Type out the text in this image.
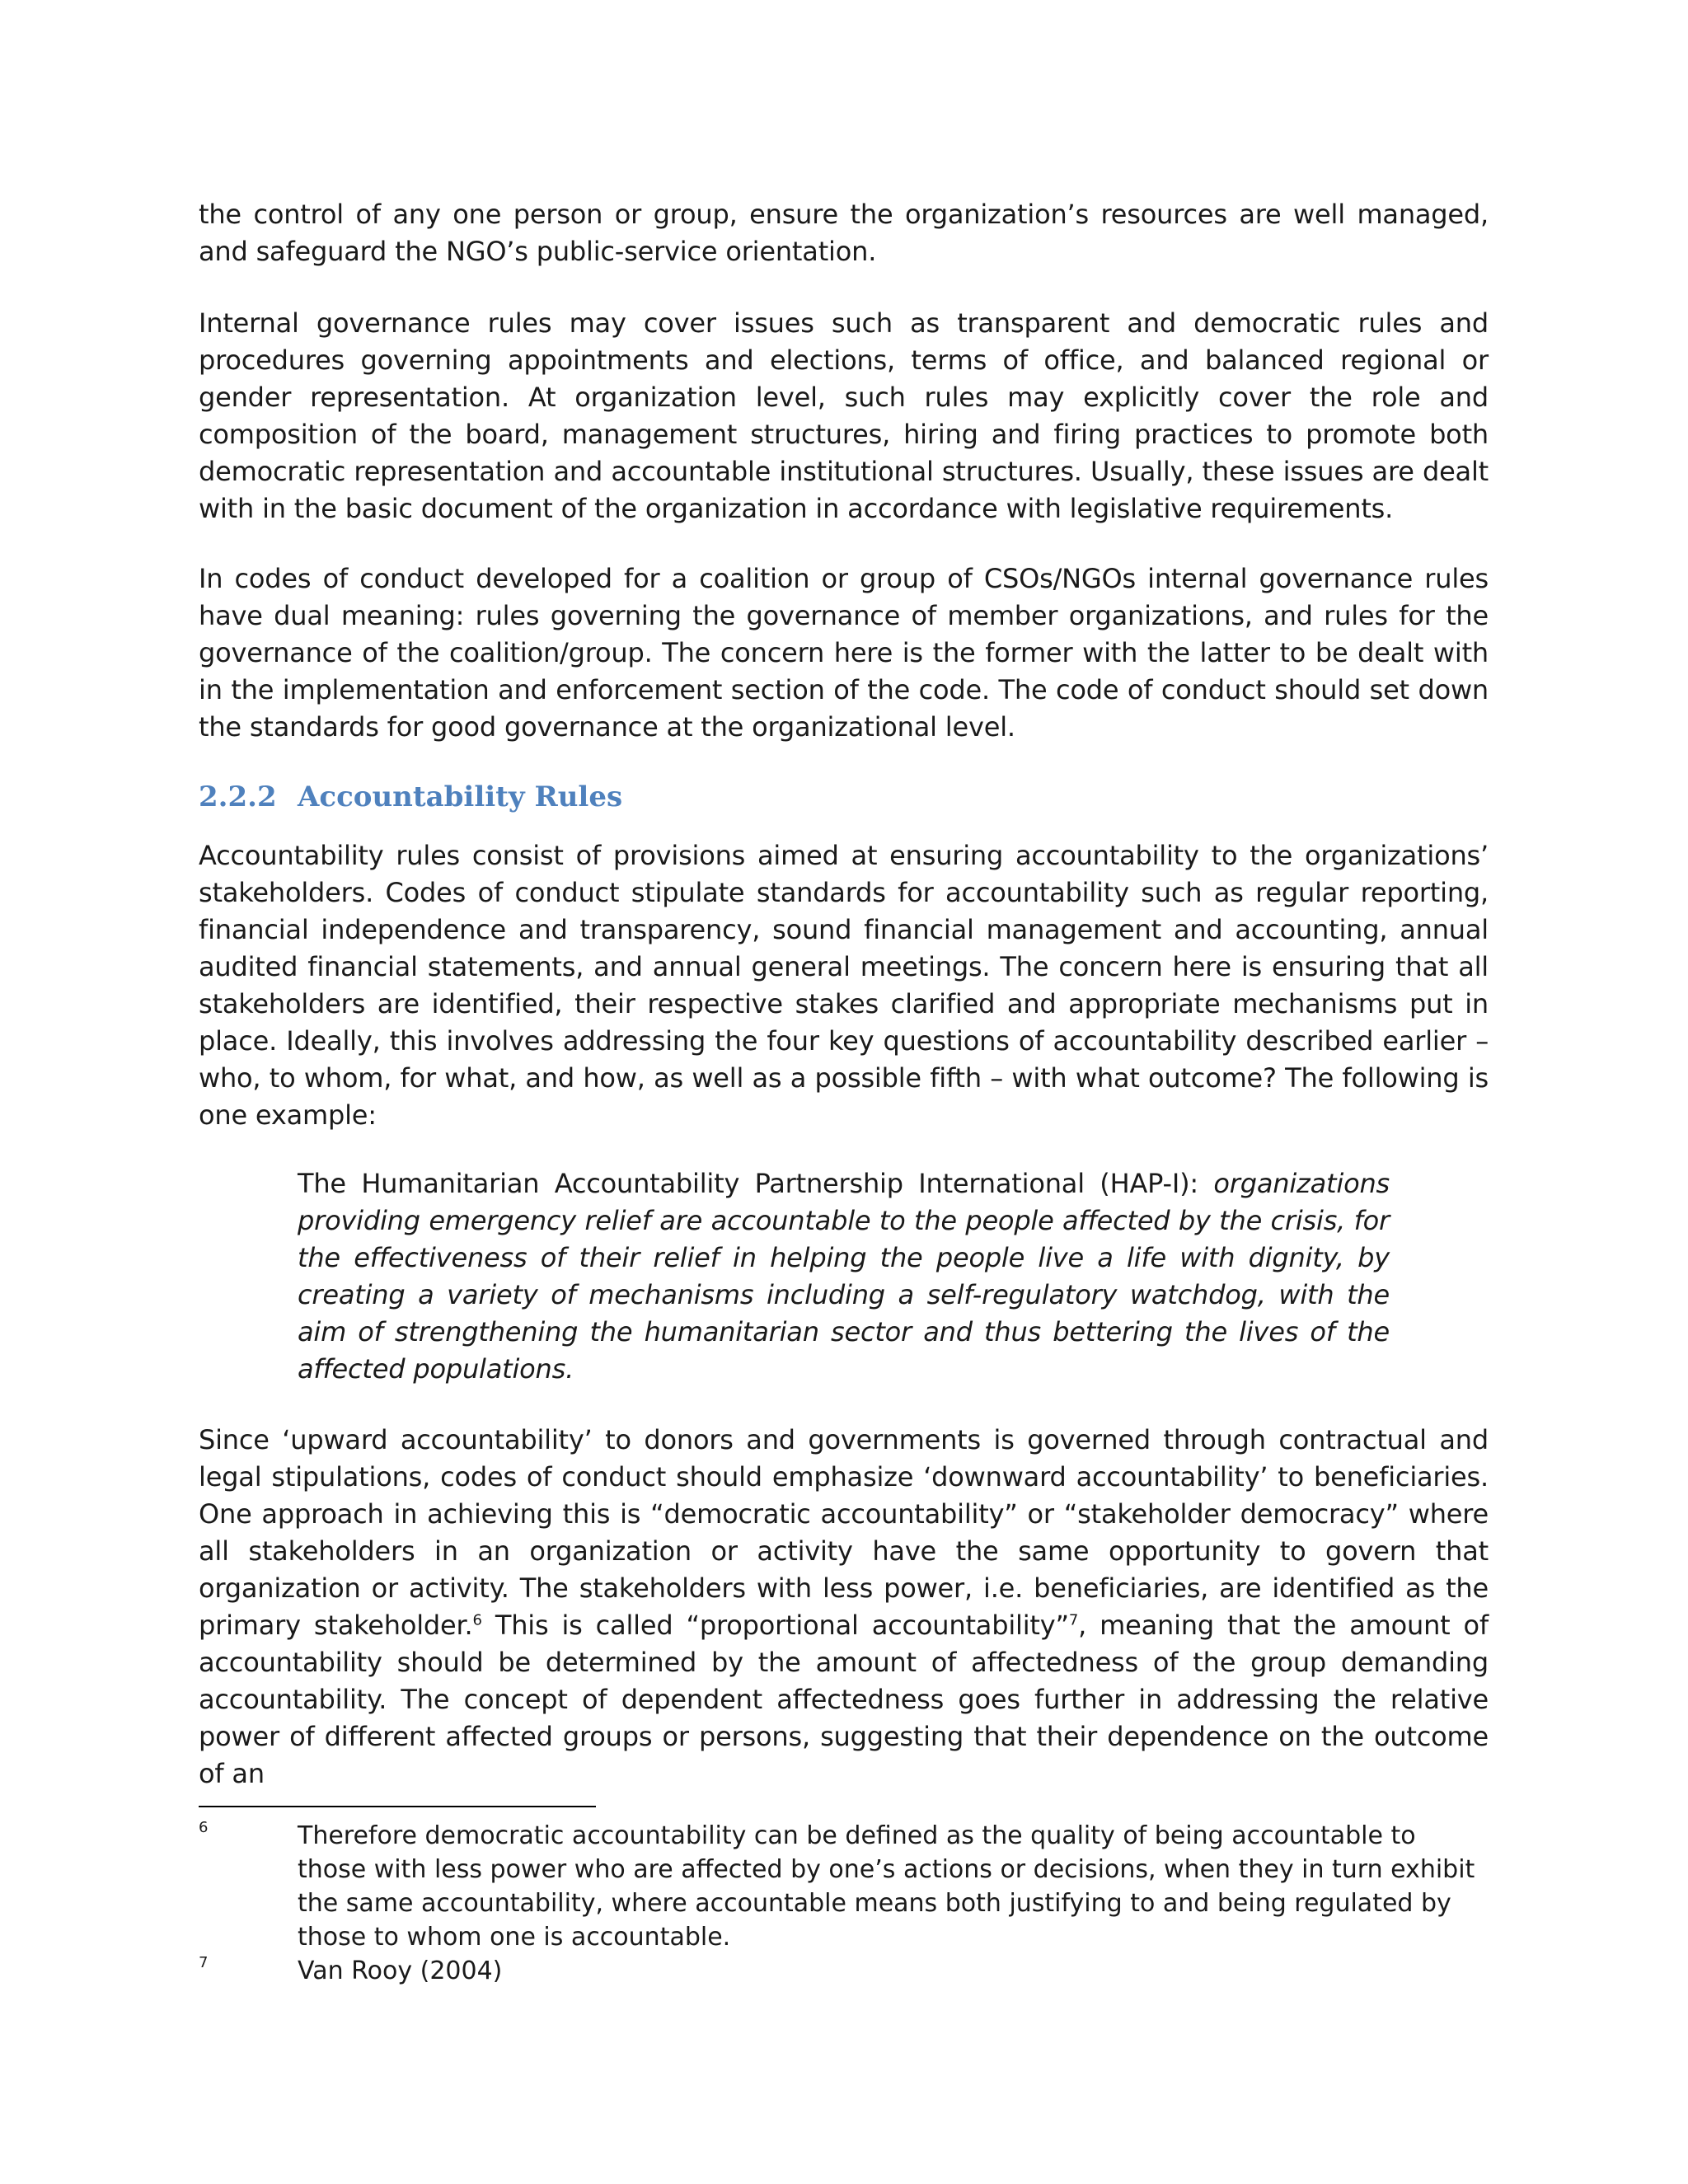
the control of any one person or group, ensure the organization’s resources are well managed, and safeguard the NGO’s public-service orientation.

Internal governance rules may cover issues such as transparent and democratic rules and procedures governing appointments and elections, terms of office, and balanced regional or gender representation. At organization level, such rules may explicitly cover the role and composition of the board, management structures, hiring and firing practices to promote both democratic representation and accountable institutional structures. Usually, these issues are dealt with in the basic document of the organization in accordance with legislative requirements.

In codes of conduct developed for a coalition or group of CSOs/NGOs internal governance rules have dual meaning: rules governing the governance of member organizations, and rules for the governance of the coalition/group. The concern here is the former with the latter to be dealt with in the implementation and enforcement section of the code. The code of conduct should set down the standards for good governance at the organizational level.

2.2.2 Accountability Rules

Accountability rules consist of provisions aimed at ensuring accountability to the organizations’ stakeholders. Codes of conduct stipulate standards for accountability such as regular reporting, financial independence and transparency, sound financial management and accounting, annual audited financial statements, and annual general meetings. The concern here is ensuring that all stakeholders are identified, their respective stakes clarified and appropriate mechanisms put in place. Ideally, this involves addressing the four key questions of accountability described earlier – who, to whom, for what, and how, as well as a possible fifth – with what outcome? The following is one example:

The Humanitarian Accountability Partnership International (HAP-I): organizations providing emergency relief are accountable to the people affected by the crisis, for the effectiveness of their relief in helping the people live a life with dignity, by creating a variety of mechanisms including a self-regulatory watchdog, with the aim of strengthening the humanitarian sector and thus bettering the lives of the affected populations.

Since ‘upward accountability’ to donors and governments is governed through contractual and legal stipulations, codes of conduct should emphasize ‘downward accountability’ to beneficiaries. One approach in achieving this is “democratic accountability” or “stakeholder democracy” where all stakeholders in an organization or activity have the same opportunity to govern that organization or activity. The stakeholders with less power, i.e. beneficiaries, are identified as the primary stakeholder.$^6$ This is called “proportional accountability”$^7$, meaning that the amount of accountability should be determined by the amount of affectedness of the group demanding accountability. The concept of dependent affectedness goes further in addressing the relative power of different affected groups or persons, suggesting that their dependence on the outcome of an

6	Therefore democratic accountability can be defined as the quality of being accountable to those with less power who are affected by one’s actions or decisions, when they in turn exhibit the same accountability, where accountable means both justifying to and being regulated by those to whom one is accountable.
7	Van Rooy (2004)
